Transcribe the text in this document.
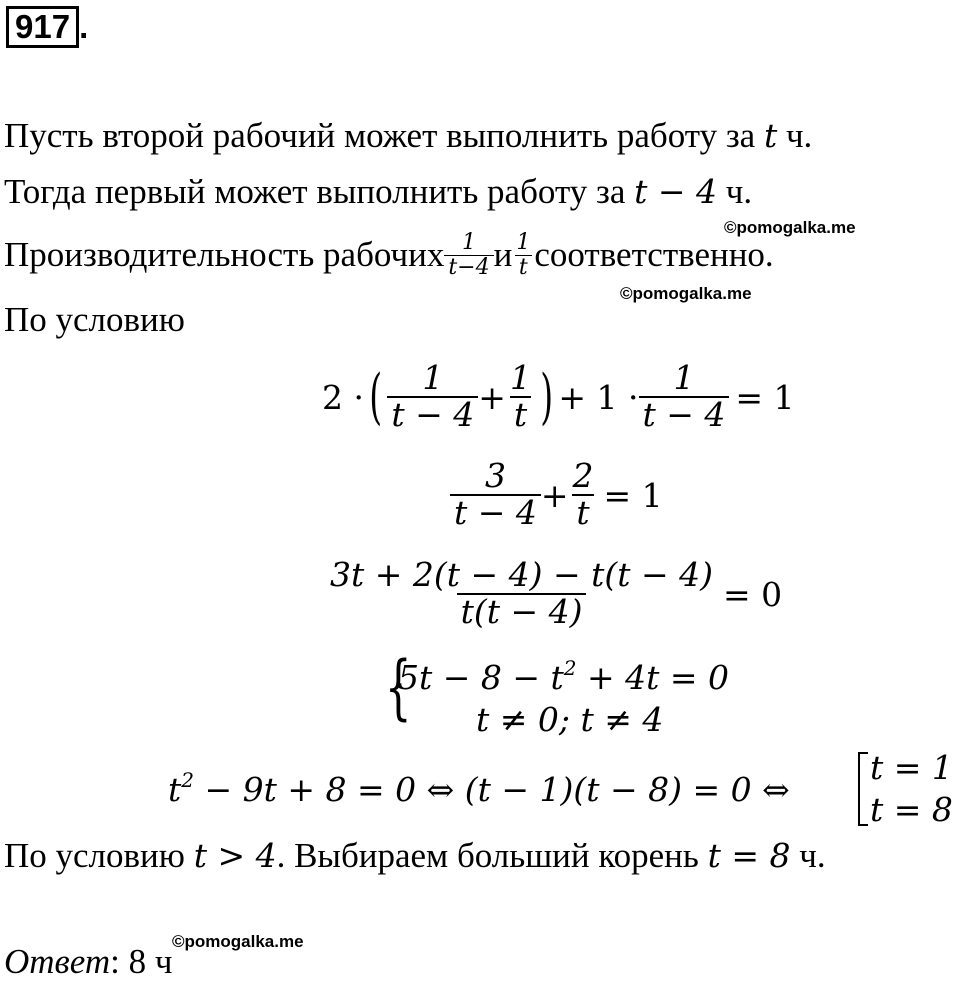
917 .
Пусть второй рабочий может выполнить работу за t ч.
Тогда первый может выполнить работу за t − 4 ч.
©pomogalka.me
Производительность рабочих $\frac{1}{t-4}$ и $\frac{1}{t}$ соответственно.
©pomogalka.me
По условию
2 · ( $\frac{1}{t - 4} + \frac{1}{t}$ ) + $1 \cdot \frac{1}{t - 4} = 1$
$\frac{3}{t - 4} + \frac{2}{t} = 1$
$\frac{3t + 2(t - 4) - t(t - 4)}{t(t - 4)} = 0$
{
$5t - 8 - t^2 + 4t = 0$
t ≠ 0; t ≠ 4
$t^2 - 9t + 8 = 0$ ⇔ (t − 1)(t − 8) = 0 ⇔
t = 1
t = 8
По условию t > 4. Выбираем больший корень t = 8 ч.
©pomogalka.me
Ответ: 8 ч
